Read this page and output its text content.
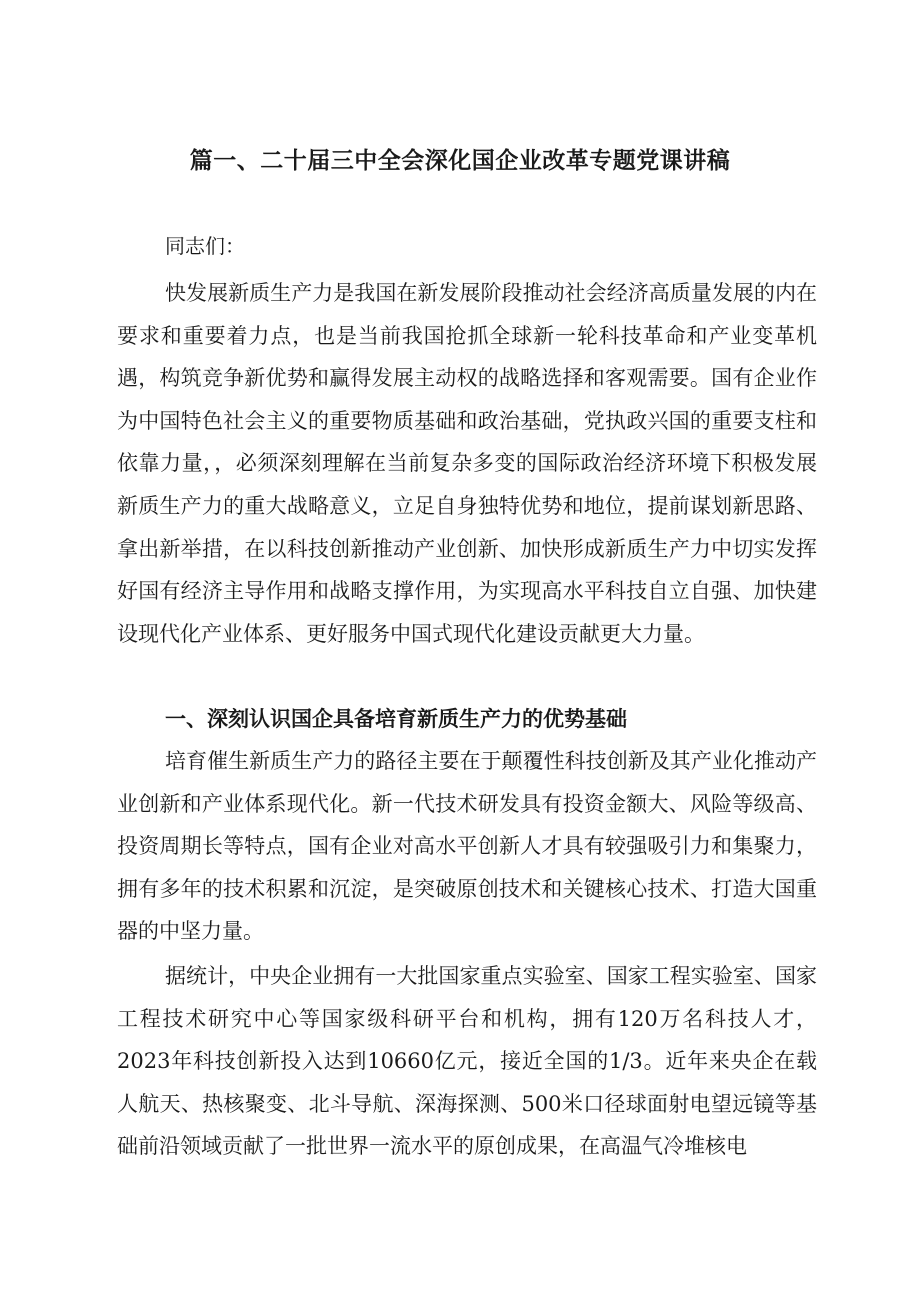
篇一、二十届三中全会深化国企业改革专题党课讲稿

同志们：

快发展新质生产力是我国在新发展阶段推动社会经济高质量发展的内在要求和重要着力点，也是当前我国抢抓全球新一轮科技革命和产业变革机遇，构筑竞争新优势和赢得发展主动权的战略选择和客观需要。国有企业作为中国特色社会主义的重要物质基础和政治基础，党执政兴国的重要支柱和依靠力量，，必须深刻理解在当前复杂多变的国际政治经济环境下积极发展新质生产力的重大战略意义，立足自身独特优势和地位，提前谋划新思路、拿出新举措，在以科技创新推动产业创新、加快形成新质生产力中切实发挥好国有经济主导作用和战略支撑作用，为实现高水平科技自立自强、加快建设现代化产业体系、更好服务中国式现代化建设贡献更大力量。

一、深刻认识国企具备培育新质生产力的优势基础

培育催生新质生产力的路径主要在于颠覆性科技创新及其产业化推动产业创新和产业体系现代化。新一代技术研发具有投资金额大、风险等级高、投资周期长等特点，国有企业对高水平创新人才具有较强吸引力和集聚力，拥有多年的技术积累和沉淀，是突破原创技术和关键核心技术、打造大国重器的中坚力量。

据统计，中央企业拥有一大批国家重点实验室、国家工程实验室、国家工程技术研究中心等国家级科研平台和机构，拥有120万名科技人才，2023年科技创新投入达到10660亿元，接近全国的1/3。近年来央企在载人航天、热核聚变、北斗导航、深海探测、500米口径球面射电望远镜等基础前沿领域贡献了一批世界一流水平的原创成果，在高温气冷堆核电
